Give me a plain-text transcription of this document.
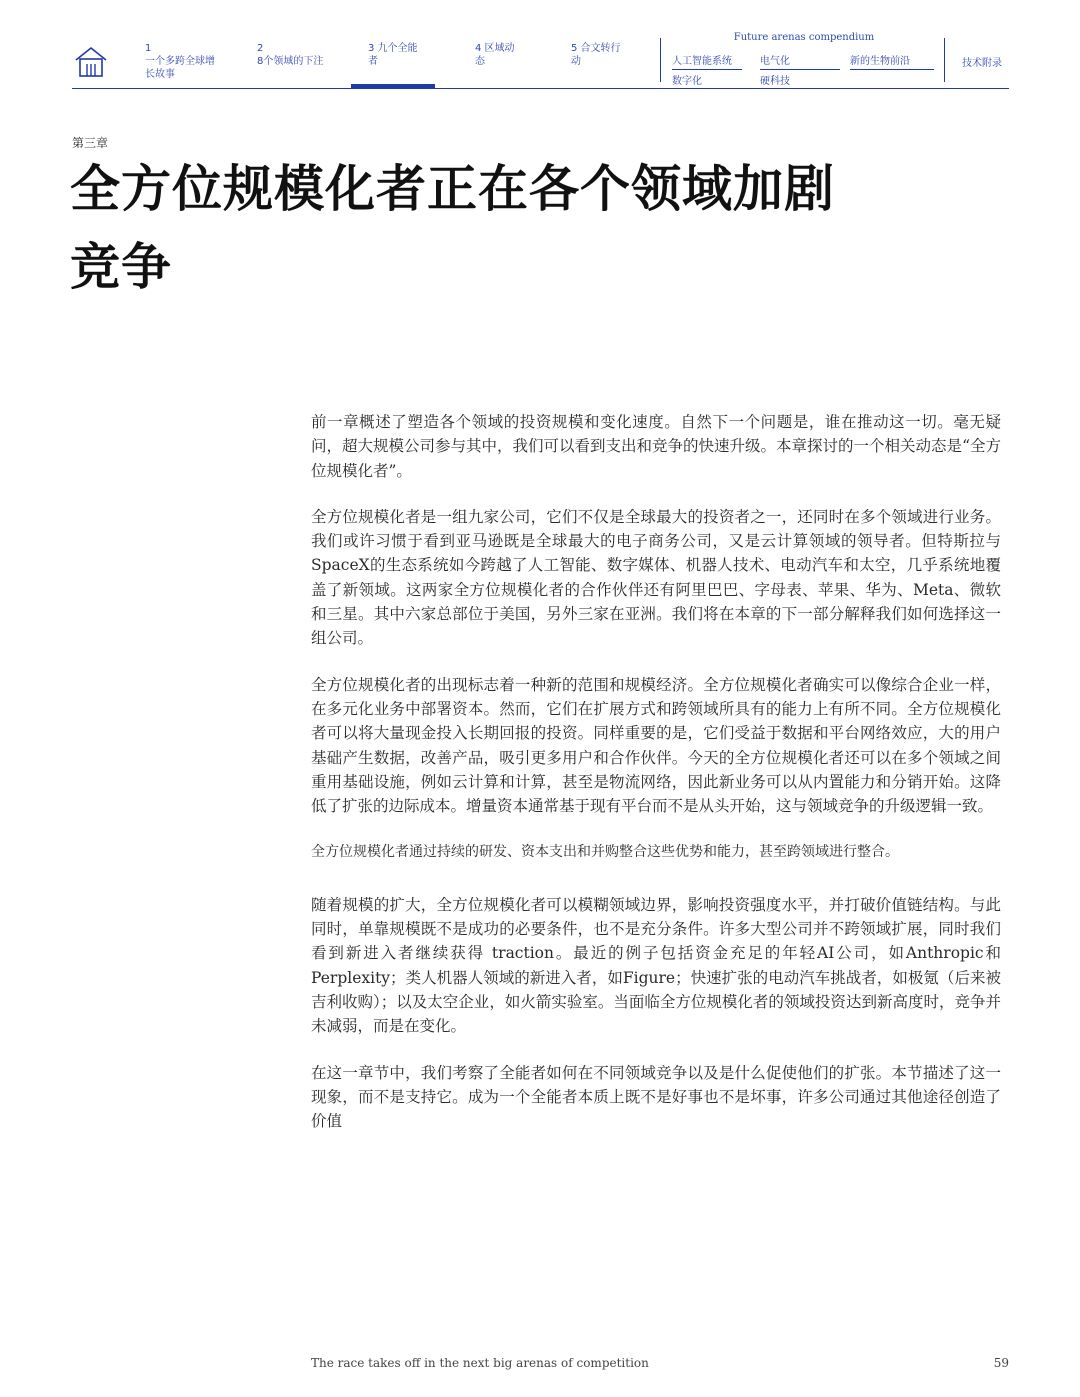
1
一个多跨全球增长故事
2
8个领域的下注
3 九个全能
者
4 区域动
态
5 合文转行
动
Future arenas compendium
人工智能系统	电气化	新的生物前沿
数字化	硬科技
技术附录
第三章
全方位规模化者正在各个领域加剧竞争

前一章概述了塑造各个领域的投资规模和变化速度。自然下一个问题是，谁在推动这一切。毫无疑问，超大规模公司参与其中，我们可以看到支出和竞争的快速升级。本章探讨的一个相关动态是“全方位规模化者”。

全方位规模化者是一组九家公司，它们不仅是全球最大的投资者之一，还同时在多个领域进行业务。我们或许习惯于看到亚马逊既是全球最大的电子商务公司，又是云计算领域的领导者。但特斯拉与SpaceX的生态系统如今跨越了人工智能、数字媒体、机器人技术、电动汽车和太空，几乎系统地覆盖了新领域。这两家全方位规模化者的合作伙伴还有阿里巴巴、字母表、苹果、华为、Meta、微软和三星。其中六家总部位于美国，另外三家在亚洲。我们将在本章的下一部分解释我们如何选择这一组公司。

全方位规模化者的出现标志着一种新的范围和规模经济。全方位规模化者确实可以像综合企业一样，在多元化业务中部署资本。然而，它们在扩展方式和跨领域所具有的能力上有所不同。全方位规模化者可以将大量现金投入长期回报的投资。同样重要的是，它们受益于数据和平台网络效应，大的用户基础产生数据，改善产品，吸引更多用户和合作伙伴。今天的全方位规模化者还可以在多个领域之间重用基础设施，例如云计算和计算，甚至是物流网络，因此新业务可以从内置能力和分销开始。这降低了扩张的边际成本。增量资本通常基于现有平台而不是从头开始，这与领域竞争的升级逻辑一致。

全方位规模化者通过持续的研发、资本支出和并购整合这些优势和能力，甚至跨领域进行整合。

随着规模的扩大，全方位规模化者可以模糊领域边界，影响投资强度水平，并打破价值链结构。与此同时，单靠规模既不是成功的必要条件，也不是充分条件。许多大型公司并不跨领域扩展，同时我们看到新进入者继续获得 traction。最近的例子包括资金充足的年轻AI公司，如Anthropic和Perplexity；类人机器人领域的新进入者，如Figure；快速扩张的电动汽车挑战者，如极氪（后来被吉利收购）；以及太空企业，如火箭实验室。当面临全方位规模化者的领域投资达到新高度时，竞争并未减弱，而是在变化。

在这一章节中，我们考察了全能者如何在不同领域竞争以及是什么促使他们的扩张。本节描述了这一现象，而不是支持它。成为一个全能者本质上既不是好事也不是坏事，许多公司通过其他途径创造了价值

The race takes off in the next big arenas of competition	59
